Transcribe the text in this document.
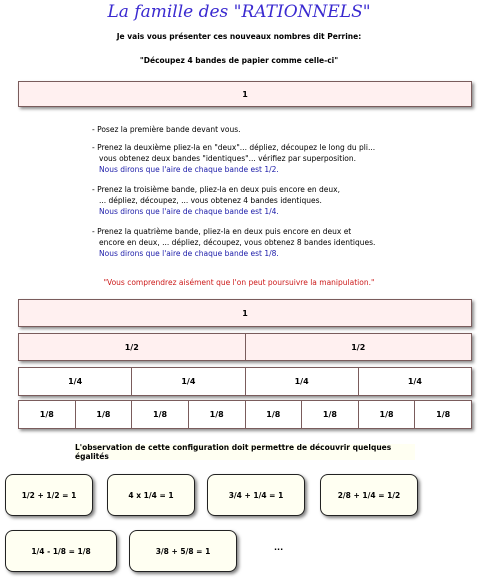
La famille des "RATIONNELS"
Je vais vous présenter ces nouveaux nombres dit Perrine:
"Découpez 4 bandes de papier comme celle-ci"
1

- Posez la première bande devant vous.

- Prenez la deuxième pliez-la en "deux"... dépliez, découpez le long du pli...

vous obtenez deux bandes "identiques"... vérifiez par superposition.

Nous dirons que l'aire de chaque bande est 1/2.

- Prenez la troisième bande, pliez-la en deux puis encore en deux,

... dépliez, découpez, ... vous obtenez 4 bandes identiques.

Nous dirons que l'aire de chaque bande est 1/4.

- Prenez la quatrième bande, pliez-la en deux puis encore en deux et

encore en deux, ... dépliez, découpez, vous obtenez 8 bandes identiques.

Nous dirons que l'aire de chaque bande est 1/8.

"Vous comprendrez aisément que l'on peut poursuivre la manipulation."
1
1/2	1/2
1/4	1/4	1/4	1/4
1/8	1/8	1/8	1/8	1/8	1/8	1/8	1/8
L'observation de cette configuration doit permettre de découvrir quelques égalités
1/2 + 1/2 = 1	4 x 1/4 = 1	3/4 + 1/4 = 1	2/8 + 1/4 = 1/2
1/4 - 1/8 = 1/8	3/8 + 5/8 = 1	...
